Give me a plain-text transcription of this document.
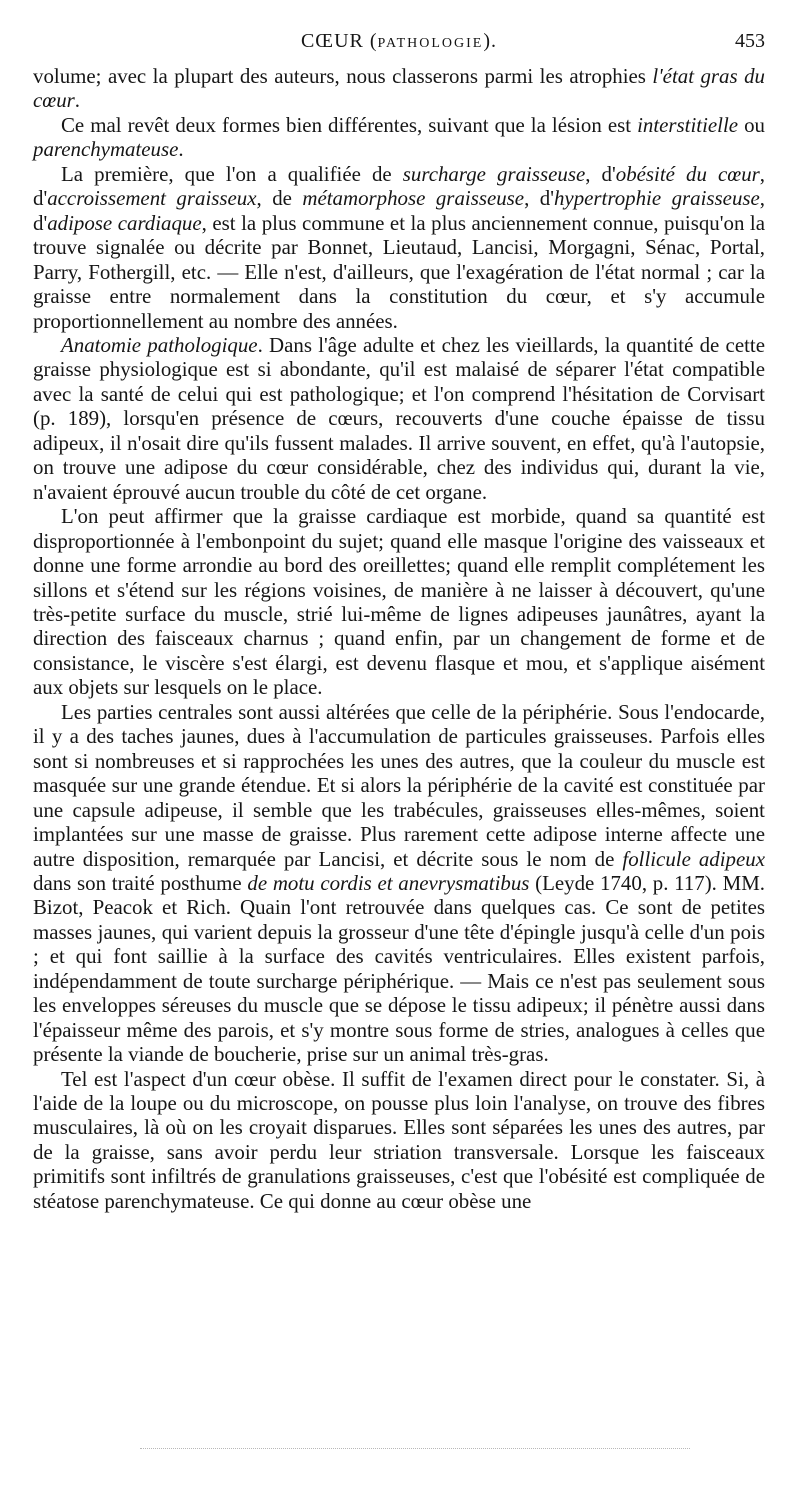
CŒUR (PATHOLOGIE).	453

volume; avec la plupart des auteurs, nous classerons parmi les atrophies l'état gras du cœur.

Ce mal revêt deux formes bien différentes, suivant que la lésion est interstitielle ou parenchymateuse.

La première, que l'on a qualifiée de surcharge graisseuse, d'obésité du cœur, d'accroissement graisseux, de métamorphose graisseuse, d'hypertrophie graisseuse, d'adipose cardiaque, est la plus commune et la plus anciennement connue, puisqu'on la trouve signalée ou décrite par Bonnet, Lieutaud, Lancisi, Morgagni, Sénac, Portal, Parry, Fothergill, etc. — Elle n'est, d'ailleurs, que l'exagération de l'état normal ; car la graisse entre normalement dans la constitution du cœur, et s'y accumule proportionnellement au nombre des années.

Anatomie pathologique. Dans l'âge adulte et chez les vieillards, la quantité de cette graisse physiologique est si abondante, qu'il est malaisé de séparer l'état compatible avec la santé de celui qui est pathologique; et l'on comprend l'hésitation de Corvisart (p. 189), lorsqu'en présence de cœurs, recouverts d'une couche épaisse de tissu adipeux, il n'osait dire qu'ils fussent malades. Il arrive souvent, en effet, qu'à l'autopsie, on trouve une adipose du cœur considérable, chez des individus qui, durant la vie, n'avaient éprouvé aucun trouble du côté de cet organe.

L'on peut affirmer que la graisse cardiaque est morbide, quand sa quantité est disproportionnée à l'embonpoint du sujet; quand elle masque l'origine des vaisseaux et donne une forme arrondie au bord des oreillettes; quand elle remplit complétement les sillons et s'étend sur les régions voisines, de manière à ne laisser à découvert, qu'une très-petite surface du muscle, strié lui-même de lignes adipeuses jaunâtres, ayant la direction des faisceaux charnus ; quand enfin, par un changement de forme et de consistance, le viscère s'est élargi, est devenu flasque et mou, et s'applique aisément aux objets sur lesquels on le place.

Les parties centrales sont aussi altérées que celle de la périphérie. Sous l'endocarde, il y a des taches jaunes, dues à l'accumulation de particules graisseuses. Parfois elles sont si nombreuses et si rapprochées les unes des autres, que la couleur du muscle est masquée sur une grande étendue. Et si alors la périphérie de la cavité est constituée par une capsule adipeuse, il semble que les trabécules, graisseuses elles-mêmes, soient implantées sur une masse de graisse. Plus rarement cette adipose interne affecte une autre disposition, remarquée par Lancisi, et décrite sous le nom de follicule adipeux dans son traité posthume de motu cordis et anevrysmatibus (Leyde 1740, p. 117). MM. Bizot, Peacok et Rich. Quain l'ont retrouvée dans quelques cas. Ce sont de petites masses jaunes, qui varient depuis la grosseur d'une tête d'épingle jusqu'à celle d'un pois ; et qui font saillie à la surface des cavités ventriculaires. Elles existent parfois, indépendamment de toute surcharge périphérique. — Mais ce n'est pas seulement sous les enveloppes séreuses du muscle que se dépose le tissu adipeux; il pénètre aussi dans l'épaisseur même des parois, et s'y montre sous forme de stries, analogues à celles que présente la viande de boucherie, prise sur un animal très-gras.

Tel est l'aspect d'un cœur obèse. Il suffit de l'examen direct pour le constater. Si, à l'aide de la loupe ou du microscope, on pousse plus loin l'analyse, on trouve des fibres musculaires, là où on les croyait disparues. Elles sont séparées les unes des autres, par de la graisse, sans avoir perdu leur striation transversale. Lorsque les faisceaux primitifs sont infiltrés de granulations graisseuses, c'est que l'obésité est compliquée de stéatose parenchymateuse. Ce qui donne au cœur obèse une
